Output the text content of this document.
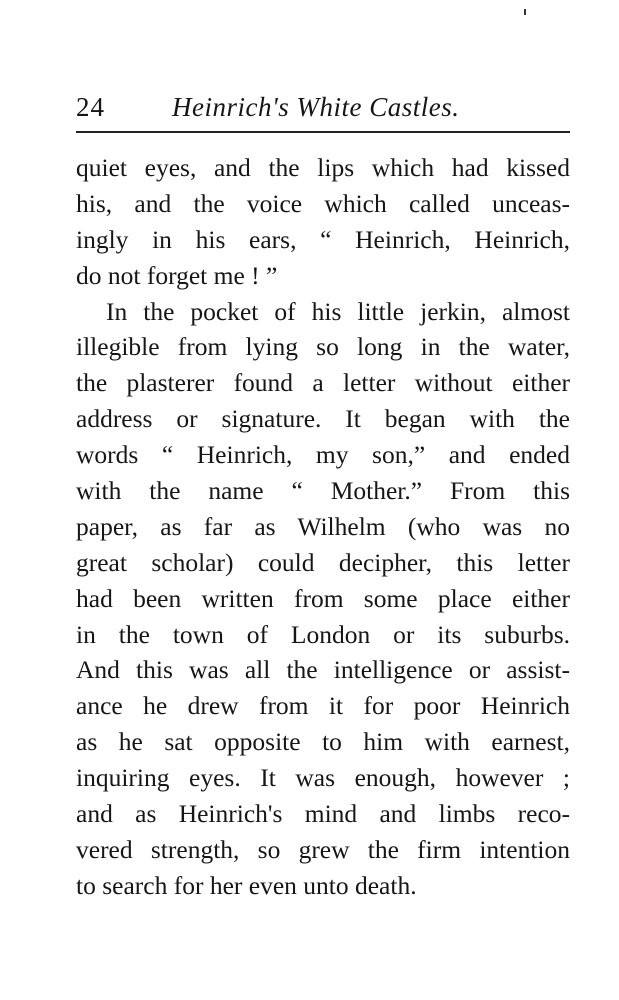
24 Heinrich's White Castles.
quiet eyes, and the lips which had kissed
his, and the voice which called unceas-
ingly in his ears, “ Heinrich, Heinrich,
do not forget me ! ”
In the pocket of his little jerkin, almost
illegible from lying so long in the water,
the plasterer found a letter without either
address or signature. It began with the
words “ Heinrich, my son,” and ended
with the name “ Mother.” From this
paper, as far as Wilhelm (who was no
great scholar) could decipher, this letter
had been written from some place either
in the town of London or its suburbs.
And this was all the intelligence or assist-
ance he drew from it for poor Heinrich
as he sat opposite to him with earnest,
inquiring eyes. It was enough, however ;
and as Heinrich's mind and limbs reco-
vered strength, so grew the firm intention
to search for her even unto death.
